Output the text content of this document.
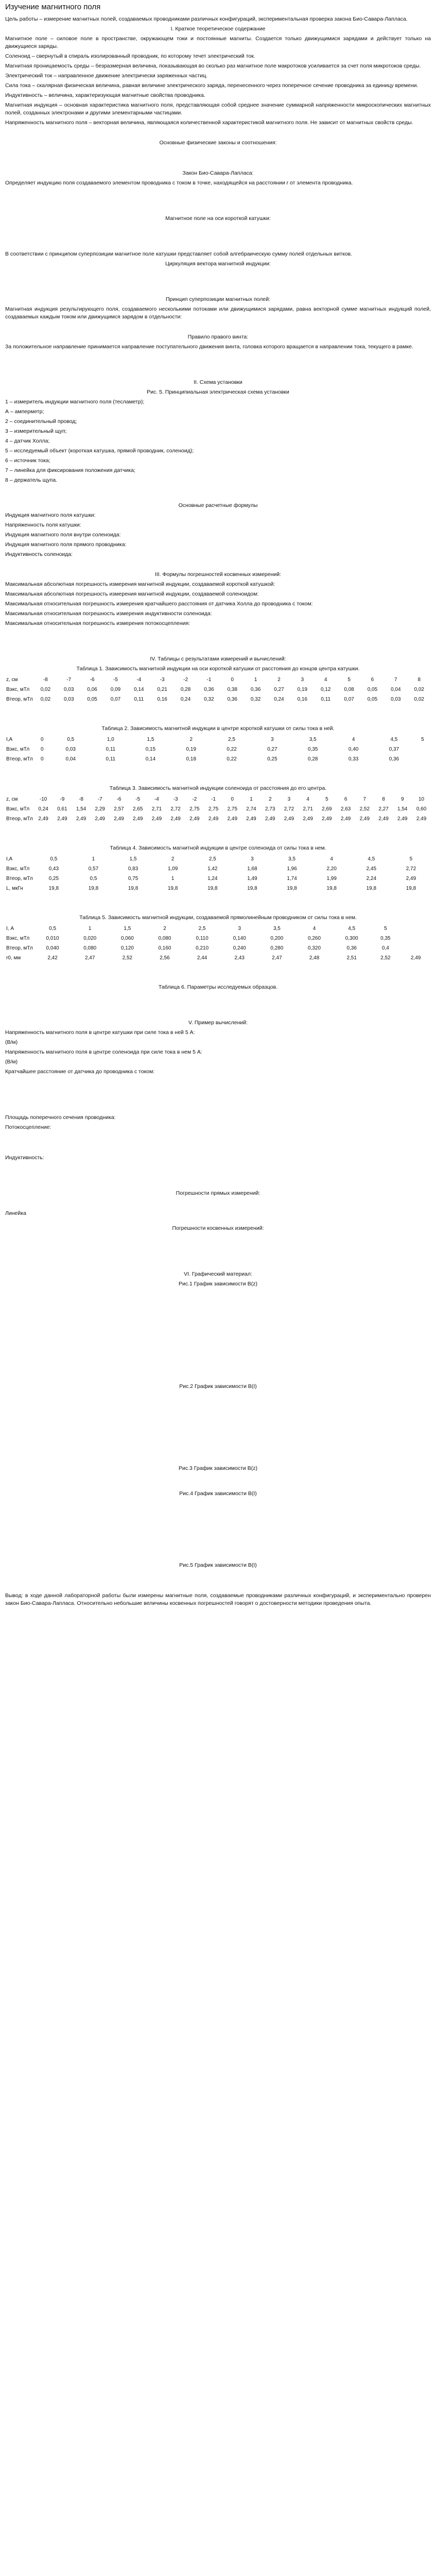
Изучение магнитного поля

Цель работы – измерение магнитных полей, создаваемых проводниками различных конфигураций, экспериментальная проверка закона Био-Савара-Лапласа.

I. Краткое теоретическое содержание

Магнитное поле – силовое поле в пространстве, окружающем токи и постоянные магниты. Создается только движущимися зарядами и действует только на движущиеся заряды.

Соленоид – свернутый в спираль изолированный проводник, по которому течет электрический ток.

Магнитная проницаемость среды – безразмерная величина, показывающая во сколько раз магнитное поле макротоков усиливается за счет поля микротоков среды.

Электрический ток – направленное движение электрически заряженных частиц.

Сила тока – скалярная физическая величина, равная величине электрического заряда, перенесенного через поперечное сечение проводника за единицу времени.

Индуктивность – величина, характеризующая магнитные свойства проводника.

Магнитная индукция – основная характеристика магнитного поля, представляющая собой среднее значение суммарной напряженности микроскопических магнитных полей, созданных электронами и другими элементарными частицами.

Напряженность магнитного поля – векторная величина, являющаяся количественной характеристикой магнитного поля. Не зависит от магнитных свойств среды.

Основные физические законы и соотношения:

Закон Био-Савара-Лапласа:

Определяет индукцию поля создаваемого элементом проводника с током в точке, находящейся на расстоянии r от элемента проводника.

Магнитное поле на оси короткой катушки:

В соответствии с принципом суперпозиции магнитное поле катушки представляет собой алгебраическую сумму полей отдельных витков.

Циркуляция вектора магнитной индукции:

Принцип суперпозиции магнитных полей:

Магнитная индукция результирующего поля, создаваемого несколькими потоками или движущимися зарядами, равна векторной сумме магнитных индукций полей, создаваемых каждым током или движущимся зарядом в отдельности:

Правило правого винта:

За положительное направление принимается направление поступательного движения винта, головка которого вращается в направлении тока, текущего в рамке.

II. Схема установки

Рис. 5. Принципиальная электрическая схема установки

1 – измеритель индукции магнитного поля (тесламетр);

А – амперметр;

2 – соединительный провод;

3 – измерительный щуп;

4 – датчик Холла;

5 – исследуемый объект (короткая катушка, прямой проводник, соленоид);

6 – источник тока;

7 – линейка для фиксирования положения датчика;

8 – держатель щупа.

Основные расчетные формулы

Индукция магнитного поля катушки:

Напряженность поля катушки:

Индукция магнитного поля внутри соленоида:

Индукция магнитного поля прямого проводника:

Индуктивность соленоида:

III. Формулы погрешностей косвенных измерений:

Максимальная абсолютная погрешность измерения магнитной индукции, создаваемой короткой катушкой:

Максимальная абсолютная погрешность измерения магнитной индукции, создаваемой соленоидом:

Максимальная относительная погрешность измерения кратчайшего расстояния от датчика Холла до проводника с током:

Максимальная относительная погрешность измерения индуктивности соленоида:

Максимальная относительная погрешность измерения потокосцепления:

IV. Таблицы с результатами измерений и вычислений:

Таблица 1. Зависимость магнитной индукции на оси короткой катушки от расстояния до концов центра катушки.

z, см	-8	-7	-6	-5	-4	-3	-2	-1	0	1	2	3	4	5	6	7	8
Bэкс, мТл	0,02	0,03	0,06	0,09	0,14	0,21	0,28	0,36	0,38	0,36	0,27	0,19	0,12	0,08	0,05	0,04	0,02
Bтеор, мТл	0,02	0,03	0,05	0,07	0,11	0,16	0,24	0,32	0,36	0,32	0,24	0,16	0,11	0,07	0,05	0,03	0,02

Таблица 2. Зависимость магнитной индукции в центре короткой катушки от силы тока в ней.

I,А	0	0,5	1,0	1,5	2	2,5	3	3,5	4	4,5	5
Bэкс, мТл	0	0,03	0,11	0,15	0,19	0,22	0,27	0,35	0,40	0,37	
Bтеор, мТл	0	0,04	0,11	0,14	0,18	0,22	0,25	0,28	0,33	0,36	

Таблица 3. Зависимость магнитной индукции соленоида от расстояния до его центра.

z, см	-10	-9	-8	-7	-6	-5	-4	-3	-2	-1	0	1	2	3	4	5	6	7	8	9	10
Bэкс, мТл	0,24	0,61	1,54	2,29	2,57	2,65	2,71	2,72	2,75	2,75	2,75	2,74	2,73	2,72	2,71	2,69	2,63	2,52	2,27	1,54	0,60
Bтеор, мТл	2,49	2,49	2,49	2,49	2,49	2,49	2,49	2,49	2,49	2,49	2,49	2,49	2,49	2,49	2,49	2,49	2,49	2,49	2,49	2,49	2,49

Таблица 4. Зависимость магнитной индукции в центре соленоида от силы тока в нем.

I,А	0,5	1	1,5	2	2,5	3	3,5	4	4,5	5
Bэкс, мТл	0,43	0,57	0,83	1,09	1,42	1,68	1,96	2,20	2,45	2,72
Bтеор, мТл	0,25	0,5	0,75	1	1,24	1,49	1,74	1,99	2,24	2,49
L, мкГн	19,8	19,8	19,8	19,8	19,8	19,8	19,8	19,8	19,8	19,8

Таблица 5. Зависимость магнитной индукции, создаваемой прямолинейным проводником от силы тока в нем.

I, А	0,5	1	1,5	2	2,5	3	3,5	4	4,5	5	
Bэкс, мТл	0,010	0,020	0,060	0,080	0,110	0,140	0,200	0,260	0,300	0,35	
Bтеор, мТл	0,040	0,080	0,120	0,160	0,210	0,240	0,280	0,320	0,36	0,4	
r0, мм	2,42	2,47	2,52	2,56	2,44	2,43	2,47	2,48	2,51	2,52	2,49

Таблица 6. Параметры исследуемых образцов.

V. Пример вычислений:

Напряженность магнитного поля в центре катушки при силе тока в ней 5 А:

(В/м)

Напряженность магнитного поля в центре соленоида при силе тока в нем 5 А:

(В/м)

Кратчайшее расстояние от датчика до проводника с током:

Площадь поперечного сечения проводника:

Потокосцепление:

Индуктивность:

Погрешности прямых измерений:

Линейка

Погрешности косвенных измерений:

VI. Графический материал:

Рис.1 График зависимости B(z)

Рис.2 График зависимости B(I)

Рис.3 График зависимости B(z)

Рис.4 График зависимости B(I)

Рис.5 График зависимости B(I)

Вывод: в ходе данной лабораторной работы были измерены магнитные поля, создаваемые проводниками различных конфигураций, и экспериментально проверен закон Био-Савара-Лапласа. Относительно небольшие величины косвенных погрешностей говорят о достоверности методики проведения опыта.
